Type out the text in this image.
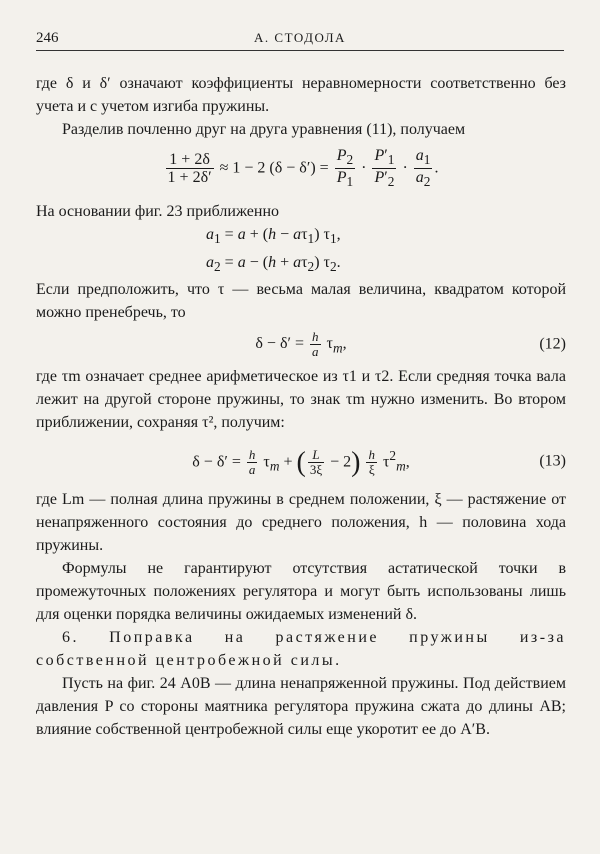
246	А. СТОДОЛА

где δ и δ′ означают коэффициенты неравномерности соответственно без учета и с учетом изгиба пружины.

Разделив почленно друг на друга уравнения (11), получаем

$\frac{1 + 2\delta}{1 + 2\delta'} \approx 1 - 2$ $(\delta - \delta') = \frac{P_2}{P_1} \cdot \frac{P'_1}{P'_2} \cdot \frac{a_1}{a_2}$ .

На основании фиг. 23 приближенно

$a_1 = a + (h - a\tau_1)$ $\tau_1$,
$a_2 = a - (h + a\tau_2)$ $\tau_2$.

Если предположить, что τ — весьма малая величина, квадратом которой можно пренебречь, то

$\delta - \delta' = \frac{h}{a} \tau_m$,	(12)

где τm означает среднее арифметическое из τ1 и τ2. Если средняя точка вала лежит на другой стороне пружины, то знак τm нужно изменить. Во втором приближении, сохраняя τ², получим:

$\delta - \delta' = \frac{h}{a} \tau_m$ + ( $\frac{L}{3\xi} - 2) \frac{h}{\xi} \tau^2_m$,	(13)

где Lm — полная длина пружины в среднем положении, ξ — растяжение от ненапряженного состояния до среднего положения, h — половина хода пружины.

Формулы не гарантируют отсутствия астатической точки в промежуточных положениях регулятора и могут быть использованы лишь для оценки порядка величины ожидаемых изменений δ.

6. Поправка на растяжение пружины из-за собственной центробежной силы.

Пусть на фиг. 24 A0B — длина ненапряженной пружины. Под действием давления P со стороны маятника регулятора пружина сжата до длины AB; влияние собственной центробежной силы еще укоротит ее до A′B.
